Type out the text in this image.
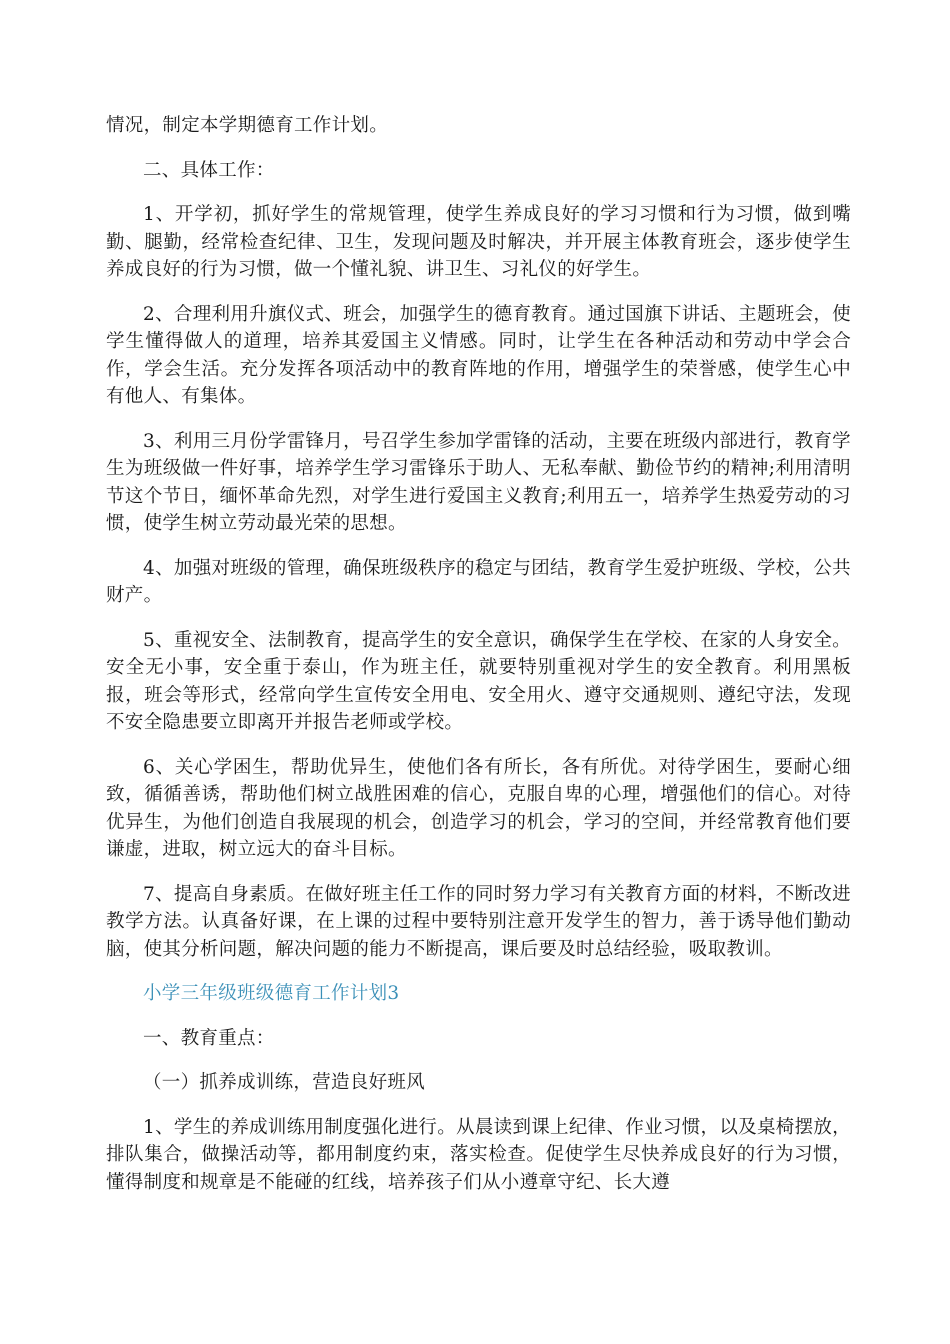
情况，制定本学期德育工作计划。

二、具体工作：

1、开学初，抓好学生的常规管理，使学生养成良好的学习习惯和行为习惯，做到嘴勤、腿勤，经常检查纪律、卫生，发现问题及时解决，并开展主体教育班会，逐步使学生养成良好的行为习惯，做一个懂礼貌、讲卫生、习礼仪的好学生。

2、合理利用升旗仪式、班会，加强学生的德育教育。通过国旗下讲话、主题班会，使学生懂得做人的道理，培养其爱国主义情感。同时，让学生在各种活动和劳动中学会合作，学会生活。充分发挥各项活动中的教育阵地的作用，增强学生的荣誉感，使学生心中有他人、有集体。

3、利用三月份学雷锋月，号召学生参加学雷锋的活动，主要在班级内部进行，教育学生为班级做一件好事，培养学生学习雷锋乐于助人、无私奉献、勤俭节约的精神;利用清明节这个节日，缅怀革命先烈，对学生进行爱国主义教育;利用五一，培养学生热爱劳动的习惯，使学生树立劳动最光荣的思想。

4、加强对班级的管理，确保班级秩序的稳定与团结，教育学生爱护班级、学校，公共财产。

5、重视安全、法制教育，提高学生的安全意识，确保学生在学校、在家的人身安全。安全无小事，安全重于泰山，作为班主任，就要特别重视对学生的安全教育。利用黑板报，班会等形式，经常向学生宣传安全用电、安全用火、遵守交通规则、遵纪守法，发现不安全隐患要立即离开并报告老师或学校。

6、关心学困生，帮助优异生，使他们各有所长，各有所优。对待学困生，要耐心细致，循循善诱，帮助他们树立战胜困难的信心，克服自卑的心理，增强他们的信心。对待优异生，为他们创造自我展现的机会，创造学习的机会，学习的空间，并经常教育他们要谦虚，进取，树立远大的奋斗目标。

7、提高自身素质。在做好班主任工作的同时努力学习有关教育方面的材料，不断改进教学方法。认真备好课，在上课的过程中要特别注意开发学生的智力，善于诱导他们勤动脑，使其分析问题，解决问题的能力不断提高，课后要及时总结经验，吸取教训。

小学三年级班级德育工作计划3

一、教育重点：

（一）抓养成训练，营造良好班风

1、学生的养成训练用制度强化进行。从晨读到课上纪律、作业习惯，以及桌椅摆放，排队集合，做操活动等，都用制度约束，落实检查。促使学生尽快养成良好的行为习惯，懂得制度和规章是不能碰的红线，培养孩子们从小遵章守纪、长大遵
